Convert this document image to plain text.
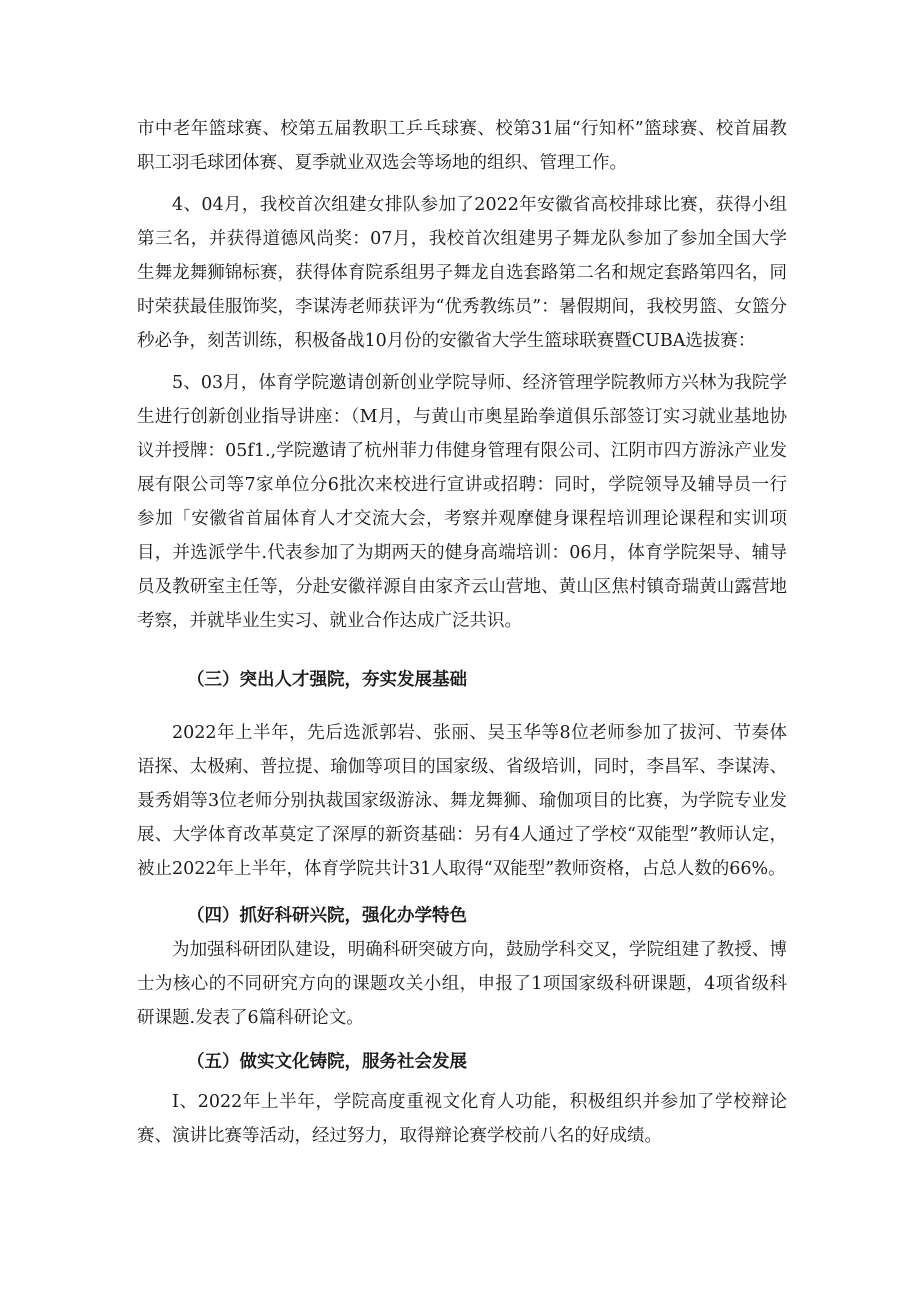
市中老年篮球赛、校第五届教职工乒乓球赛、校第31届“行知杯”篮球赛、校首届教职工羽毛球团体赛、夏季就业双选会等场地的组织、管理工作。

4、04月，我校首次组建女排队参加了2022年安徽省高校排球比赛，获得小组第三名，并获得道德风尚奖：07月，我校首次组建男子舞龙队参加了参加全国大学生舞龙舞狮锦标赛，获得体育院系组男子舞龙自选套路第二名和规定套路第四名，同时荣获最佳服饰奖，李谋涛老师获评为“优秀教练员”：暑假期间，我校男篮、女篮分秒必争，刻苦训练，积极备战10月份的安徽省大学生篮球联赛暨CUBA选拔赛：

5、03月，体育学院邀请创新创业学院导师、经济管理学院教师方兴林为我院学生进行创新创业指导讲座：（M月，与黄山市奥星跆拳道俱乐部签订实习就业基地协议并授牌：05f1.,学院邀请了杭州菲力伟健身管理有限公司、江阴市四方游泳产业发展有限公司等7家单位分6批次来校进行宣讲或招聘：同时，学院领导及辅导员一行参加「安徽省首届体育人才交流大会，考察并观摩健身课程培训理论课程和实训项目，并选派学牛.代表参加了为期两天的健身高端培训：06月，体育学院架导、辅导员及教研室主任等，分赴安徽祥源自由家齐云山营地、黄山区焦村镇奇瑞黄山露营地考察，并就毕业生实习、就业合作达成广泛共识。

（三）突出人才强院，夯实发展基础

2022年上半年，先后选派郭岩、张丽、吴玉华等8位老师参加了拔河、节奏体语探、太极痢、普拉提、瑜伽等项目的国家级、省级培训，同时，李昌军、李谋涛、聂秀娟等3位老师分别执裁国家级游泳、舞龙舞狮、瑜伽项目的比赛，为学院专业发展、大学体育改革莫定了深厚的新资基础：另有4人通过了学校“双能型”教师认定，被止2022年上半年，体育学院共计31人取得“双能型”教师资格，占总人数的66%。

（四）抓好科研兴院，强化办学特色

为加强科研团队建设，明确科研突破方向，鼓励学科交叉，学院组建了教授、博士为核心的不同研究方向的课题攻关小组，申报了1项国家级科研课题，4项省级科研课题.发表了6篇科研论文。

（五）做实文化铸院，服务社会发展

I、2022年上半年，学院高度重视文化育人功能，积极组织并参加了学校辩论赛、演讲比赛等活动，经过努力，取得辩论赛学校前八名的好成绩。
